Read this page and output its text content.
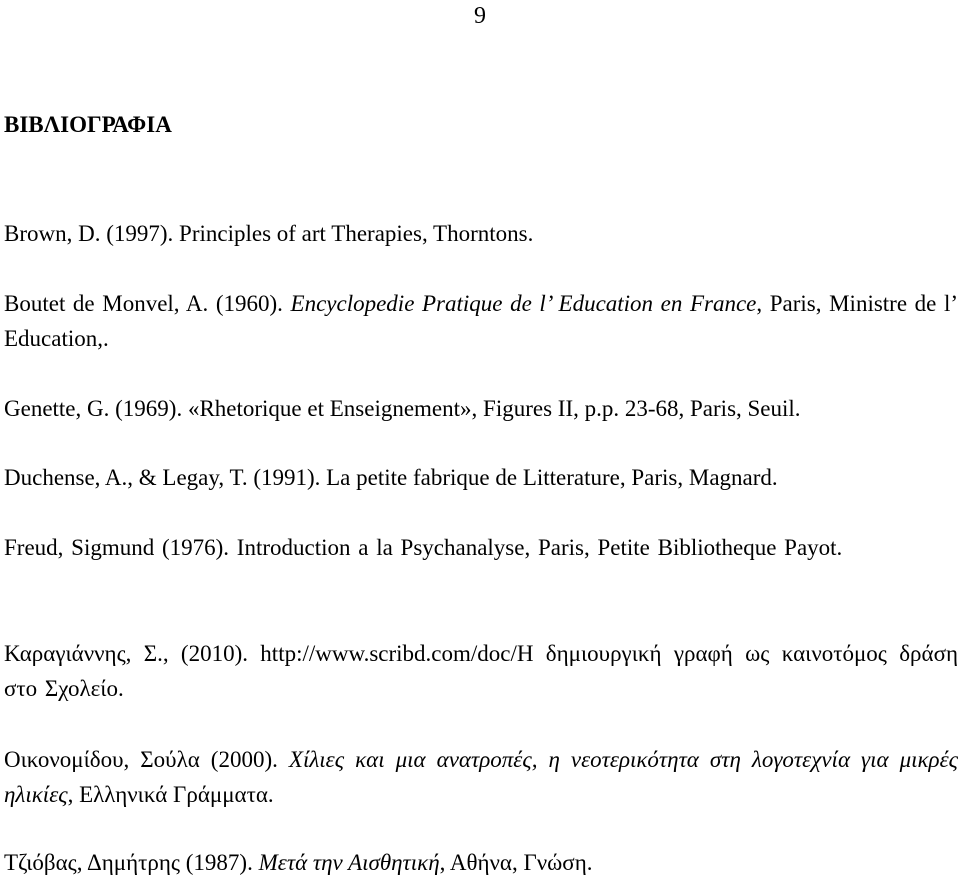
9
ΒΙΒΛΙΟΓΡΑΦΙΑ

Brown, D. (1997). Principles of art Therapies, Thorntons.

Boutet de Monvel, A. (1960). Encyclopedie Pratique de l’ Education en France, Paris, Ministre de l’ Education,.

Genette, G. (1969). «Rhetorique et Enseignement», Figures II, p.p. 23-68, Paris, Seuil.

Duchense, A., & Legay, T. (1991). La petite fabrique de Litterature, Paris, Magnard.

Freud, Sigmund (1976). Introduction a la Psychanalyse, Paris, Petite Bibliotheque Payot.

Καραγιάννης, Σ., (2010). http://www.scribd.com/doc/Η δημιουργική γραφή ως καινοτόμος δράση στο Σχολείο.

Οικονομίδου, Σούλα (2000). Χίλιες και μια ανατροπές, η νεοτερικότητα στη λογοτεχνία για μικρές ηλικίες, Ελληνικά Γράμματα.

Τζιόβας, Δημήτρης (1987). Μετά την Αισθητική, Αθήνα, Γνώση.
